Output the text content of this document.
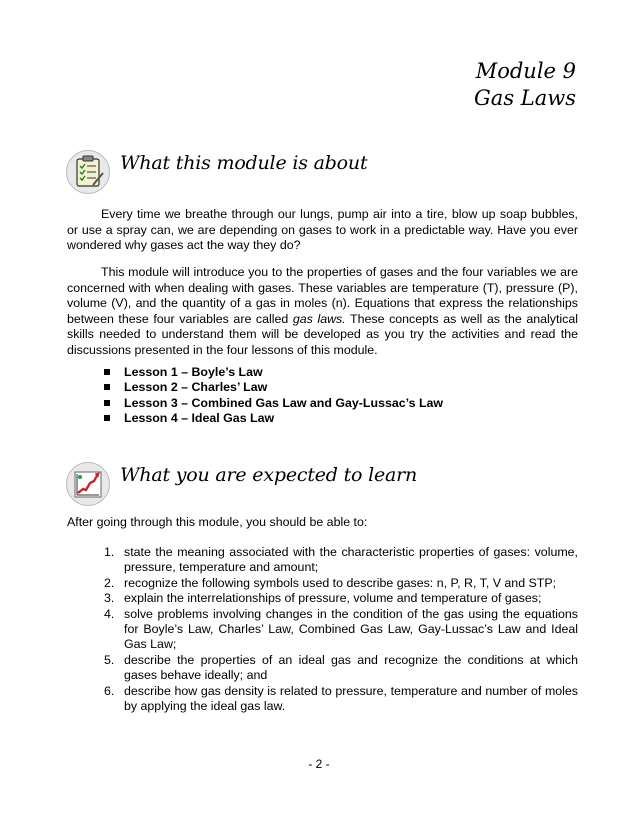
Module 9
Gas Laws
What this module is about
Every time we breathe through our lungs, pump air into a tire, blow up soap bubbles, or use a spray can, we are depending on gases to work in a predictable way. Have you ever wondered why gases act the way they do?
This module will introduce you to the properties of gases and the four variables we are concerned with when dealing with gases. These variables are temperature (T), pressure (P), volume (V), and the quantity of a gas in moles (n). Equations that express the relationships between these four variables are called gas laws. These concepts as well as the analytical skills needed to understand them will be developed as you try the activities and read the discussions presented in the four lessons of this module.
Lesson 1 – Boyle’s Law
Lesson 2 – Charles’ Law
Lesson 3 – Combined Gas Law and Gay-Lussac’s Law
Lesson 4 – Ideal Gas Law
What you are expected to learn
After going through this module, you should be able to:
1. state the meaning associated with the characteristic properties of gases: volume, pressure, temperature and amount;
2. recognize the following symbols used to describe gases: n, P, R, T, V and STP;
3. explain the interrelationships of pressure, volume and temperature of gases;
4. solve problems involving changes in the condition of the gas using the equations for Boyle’s Law, Charles’ Law, Combined Gas Law, Gay-Lussac’s Law and Ideal Gas Law;
5. describe the properties of an ideal gas and recognize the conditions at which gases behave ideally; and
6. describe how gas density is related to pressure, temperature and number of moles by applying the ideal gas law.
- 2 -
